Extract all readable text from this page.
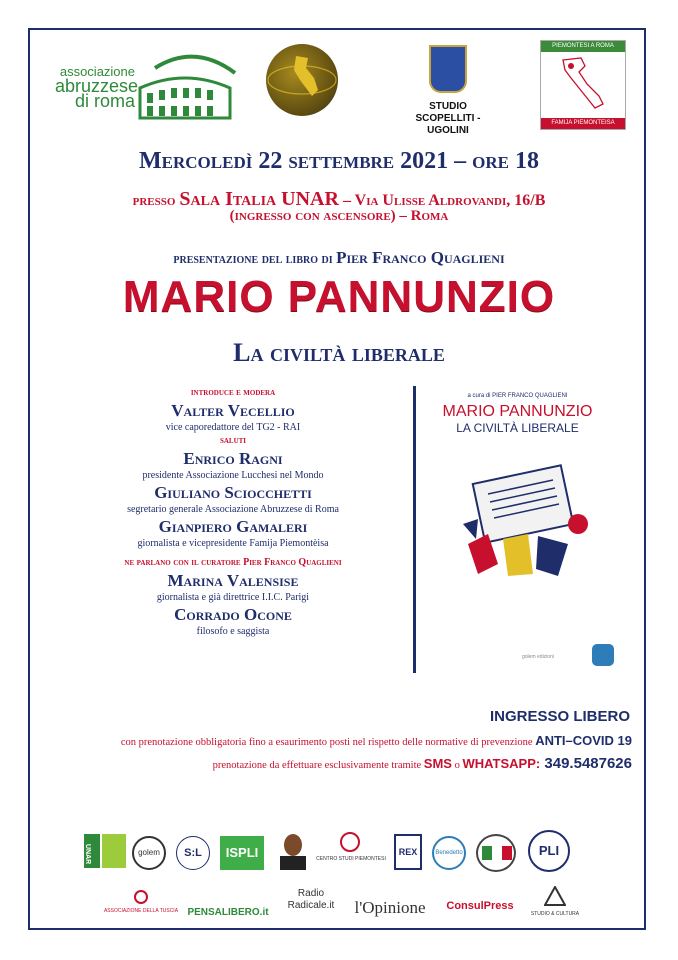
associazione
abruzzese
di roma	STUDIO
SCOPELLITI - UGOLINI
PIEMONTESI A ROMA
FAMIJA PIEMONTEISA
Mercoledì 22 settembre 2021 – ore 18
presso Sala Italia UNAR – Via Ulisse Aldrovandi, 16/B
(ingresso con ascensore) – Roma
presentazione del libro di Pier Franco Quaglieni
MARIO PANNUNZIO
La civiltà liberale
introduce e modera
Valter Vecellio
vice caporedattore del TG2 - RAI
saluti
Enrico Ragni
presidente Associazione Lucchesi nel Mondo
Giuliano Sciocchetti
segretario generale Associazione Abruzzese di Roma
Gianpiero Gamaleri
giornalista e vicepresidente Famija Piemontèisa
ne parlano con il curatore Pier Franco Quaglieni
Marina Valensise
giornalista e già direttrice I.I.C. Parigi
Corrado Ocone
filosofo e saggista
a cura di PIER FRANCO QUAGLIENI
MARIO PANNUNZIO
LA CIVILTÀ LIBERALE
golem edizioni
INGRESSO LIBERO
con prenotazione obbligatoria fino a esaurimento posti nel rispetto delle normative di prevenzione ANTI–COVID 19
prenotazione da effettuare esclusivamente tramite SMS o WHATSAPP: 349.5487626
UNAR	golem	S:L	ISPLI	CENTRO STUDI PIEMONTESI
REX	Benedetto	PLI
ASSOCIAZIONE DELLA TUSCIA PENSALIBERO.it
Radio
Radicale.it	l'Opinione	ConsulPress
STUDIO & CULTURA
